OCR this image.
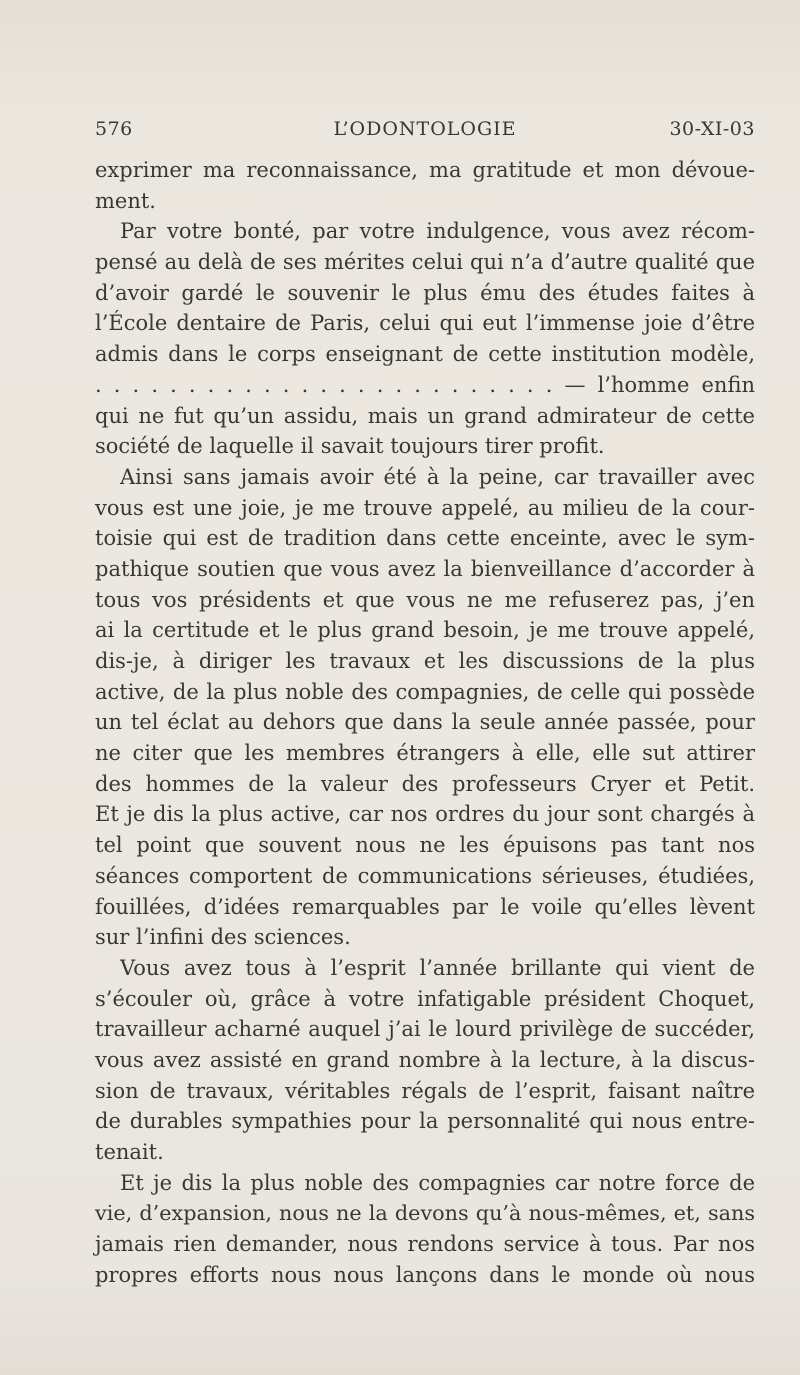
576	L’ODONTOLOGIE	30-XI-03
exprimer ma reconnaissance, ma gratitude et mon dévoue-
ment.
Par votre bonté, par votre indulgence, vous avez récom-
pensé au delà de ses mérites celui qui n’a d’autre qualité que
d’avoir gardé le souvenir le plus ému des études faites à
l’École dentaire de Paris, celui qui eut l’immense joie d’être
admis dans le corps enseignant de cette institution modèle,
. . . . . . . . . . . . . . . . . . . . . . . . . — l’homme enfin
qui ne fut qu’un assidu, mais un grand admirateur de cette
société de laquelle il savait toujours tirer profit.
Ainsi sans jamais avoir été à la peine, car travailler avec
vous est une joie, je me trouve appelé, au milieu de la cour-
toisie qui est de tradition dans cette enceinte, avec le sym-
pathique soutien que vous avez la bienveillance d’accorder à
tous vos présidents et que vous ne me refuserez pas, j’en
ai la certitude et le plus grand besoin, je me trouve appelé,
dis-je, à diriger les travaux et les discussions de la plus
active, de la plus noble des compagnies, de celle qui possède
un tel éclat au dehors que dans la seule année passée, pour
ne citer que les membres étrangers à elle, elle sut attirer
des hommes de la valeur des professeurs Cryer et Petit.
Et je dis la plus active, car nos ordres du jour sont chargés à
tel point que souvent nous ne les épuisons pas tant nos
séances comportent de communications sérieuses, étudiées,
fouillées, d’idées remarquables par le voile qu’elles lèvent
sur l’infini des sciences.
Vous avez tous à l’esprit l’année brillante qui vient de
s’écouler où, grâce à votre infatigable président Choquet,
travailleur acharné auquel j’ai le lourd privilège de succéder,
vous avez assisté en grand nombre à la lecture, à la discus-
sion de travaux, véritables régals de l’esprit, faisant naître
de durables sympathies pour la personnalité qui nous entre-
tenait.
Et je dis la plus noble des compagnies car notre force de
vie, d’expansion, nous ne la devons qu’à nous-mêmes, et, sans
jamais rien demander, nous rendons service à tous. Par nos
propres efforts nous nous lançons dans le monde où nous
